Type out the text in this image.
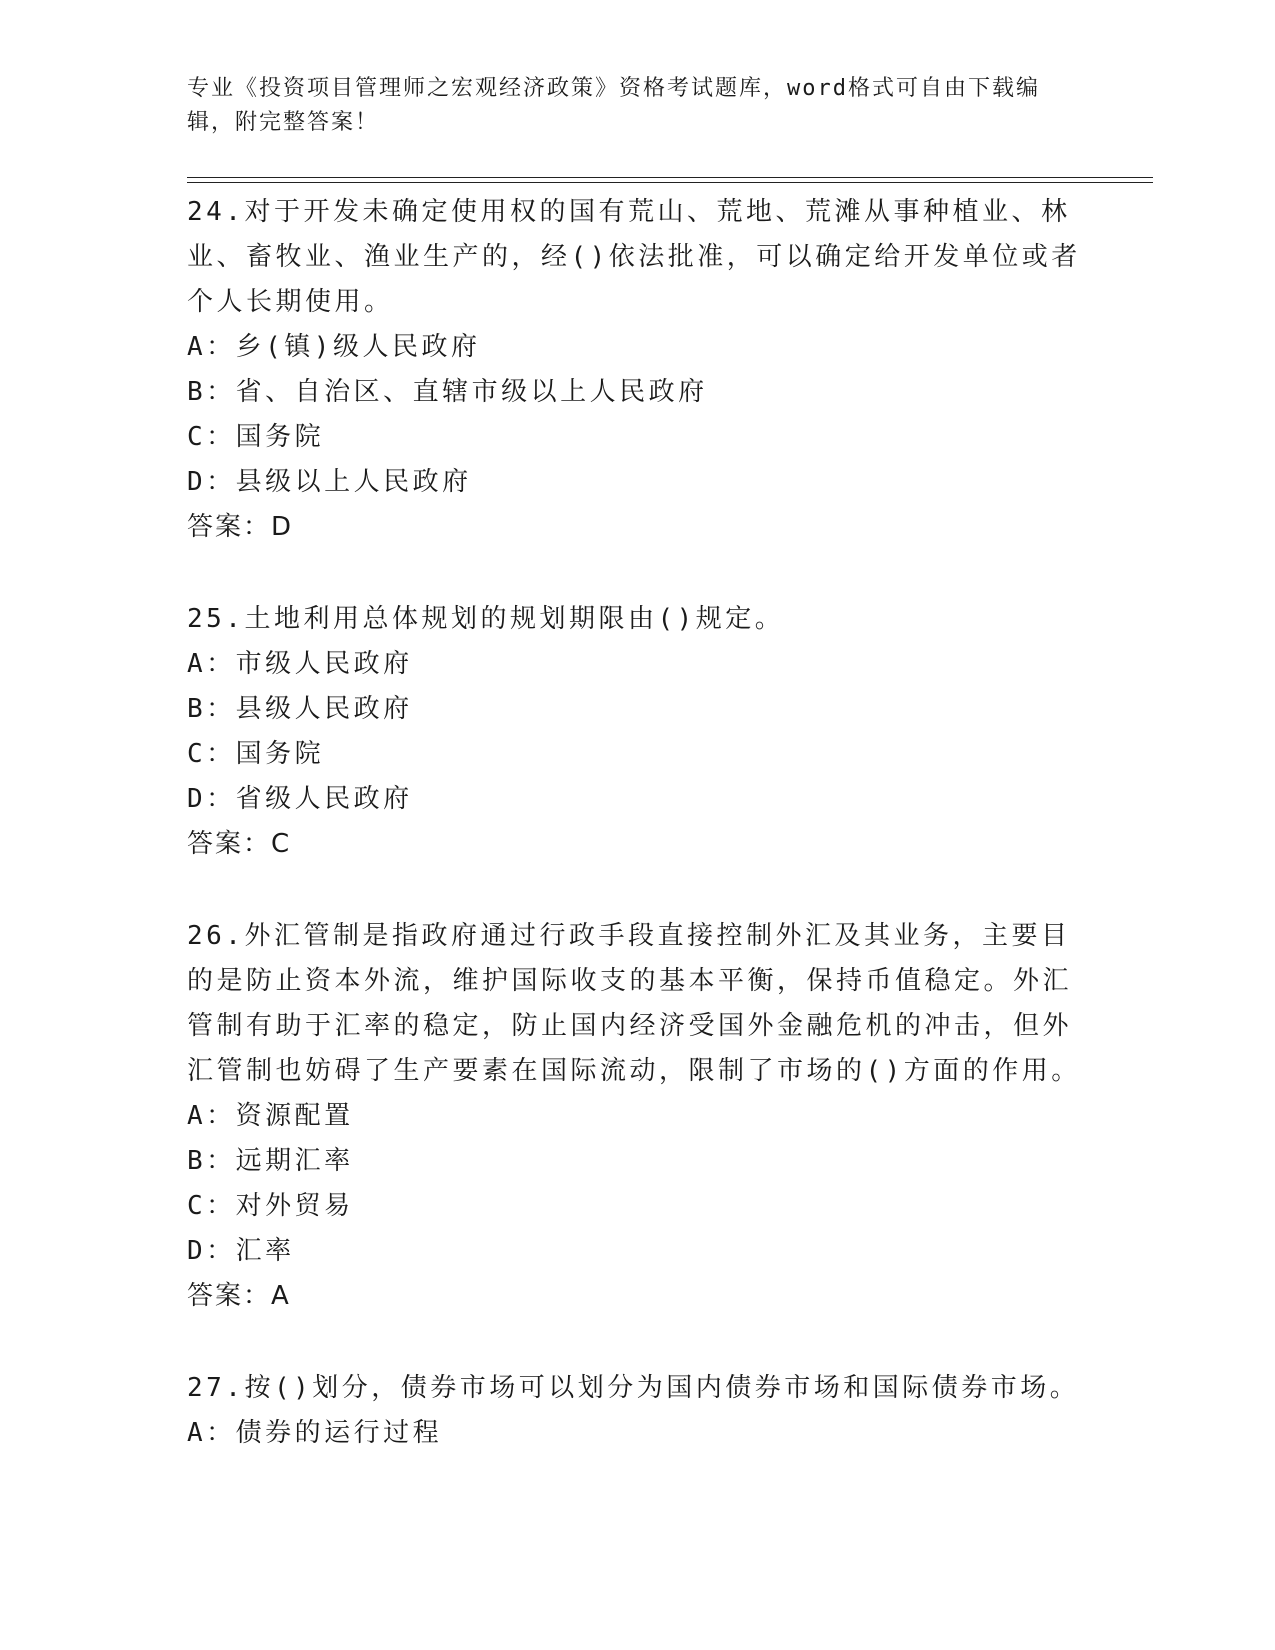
专业《投资项目管理师之宏观经济政策》资格考试题库，word格式可自由下载编辑，附完整答案！

24.对于开发未确定使用权的国有荒山、荒地、荒滩从事种植业、林业、畜牧业、渔业生产的，经()依法批准，可以确定给开发单位或者个人长期使用。

A：乡(镇)级人民政府

B：省、自治区、直辖市级以上人民政府

C：国务院

D：县级以上人民政府

答案：D

25.土地利用总体规划的规划期限由()规定。

A：市级人民政府

B：县级人民政府

C：国务院

D：省级人民政府

答案：C

26.外汇管制是指政府通过行政手段直接控制外汇及其业务，主要目的是防止资本外流，维护国际收支的基本平衡，保持币值稳定。外汇管制有助于汇率的稳定，防止国内经济受国外金融危机的冲击，但外汇管制也妨碍了生产要素在国际流动，限制了市场的()方面的作用。

A：资源配置

B：远期汇率

C：对外贸易

D：汇率

答案：A

27.按()划分，债券市场可以划分为国内债券市场和国际债券市场。

A：债券的运行过程
